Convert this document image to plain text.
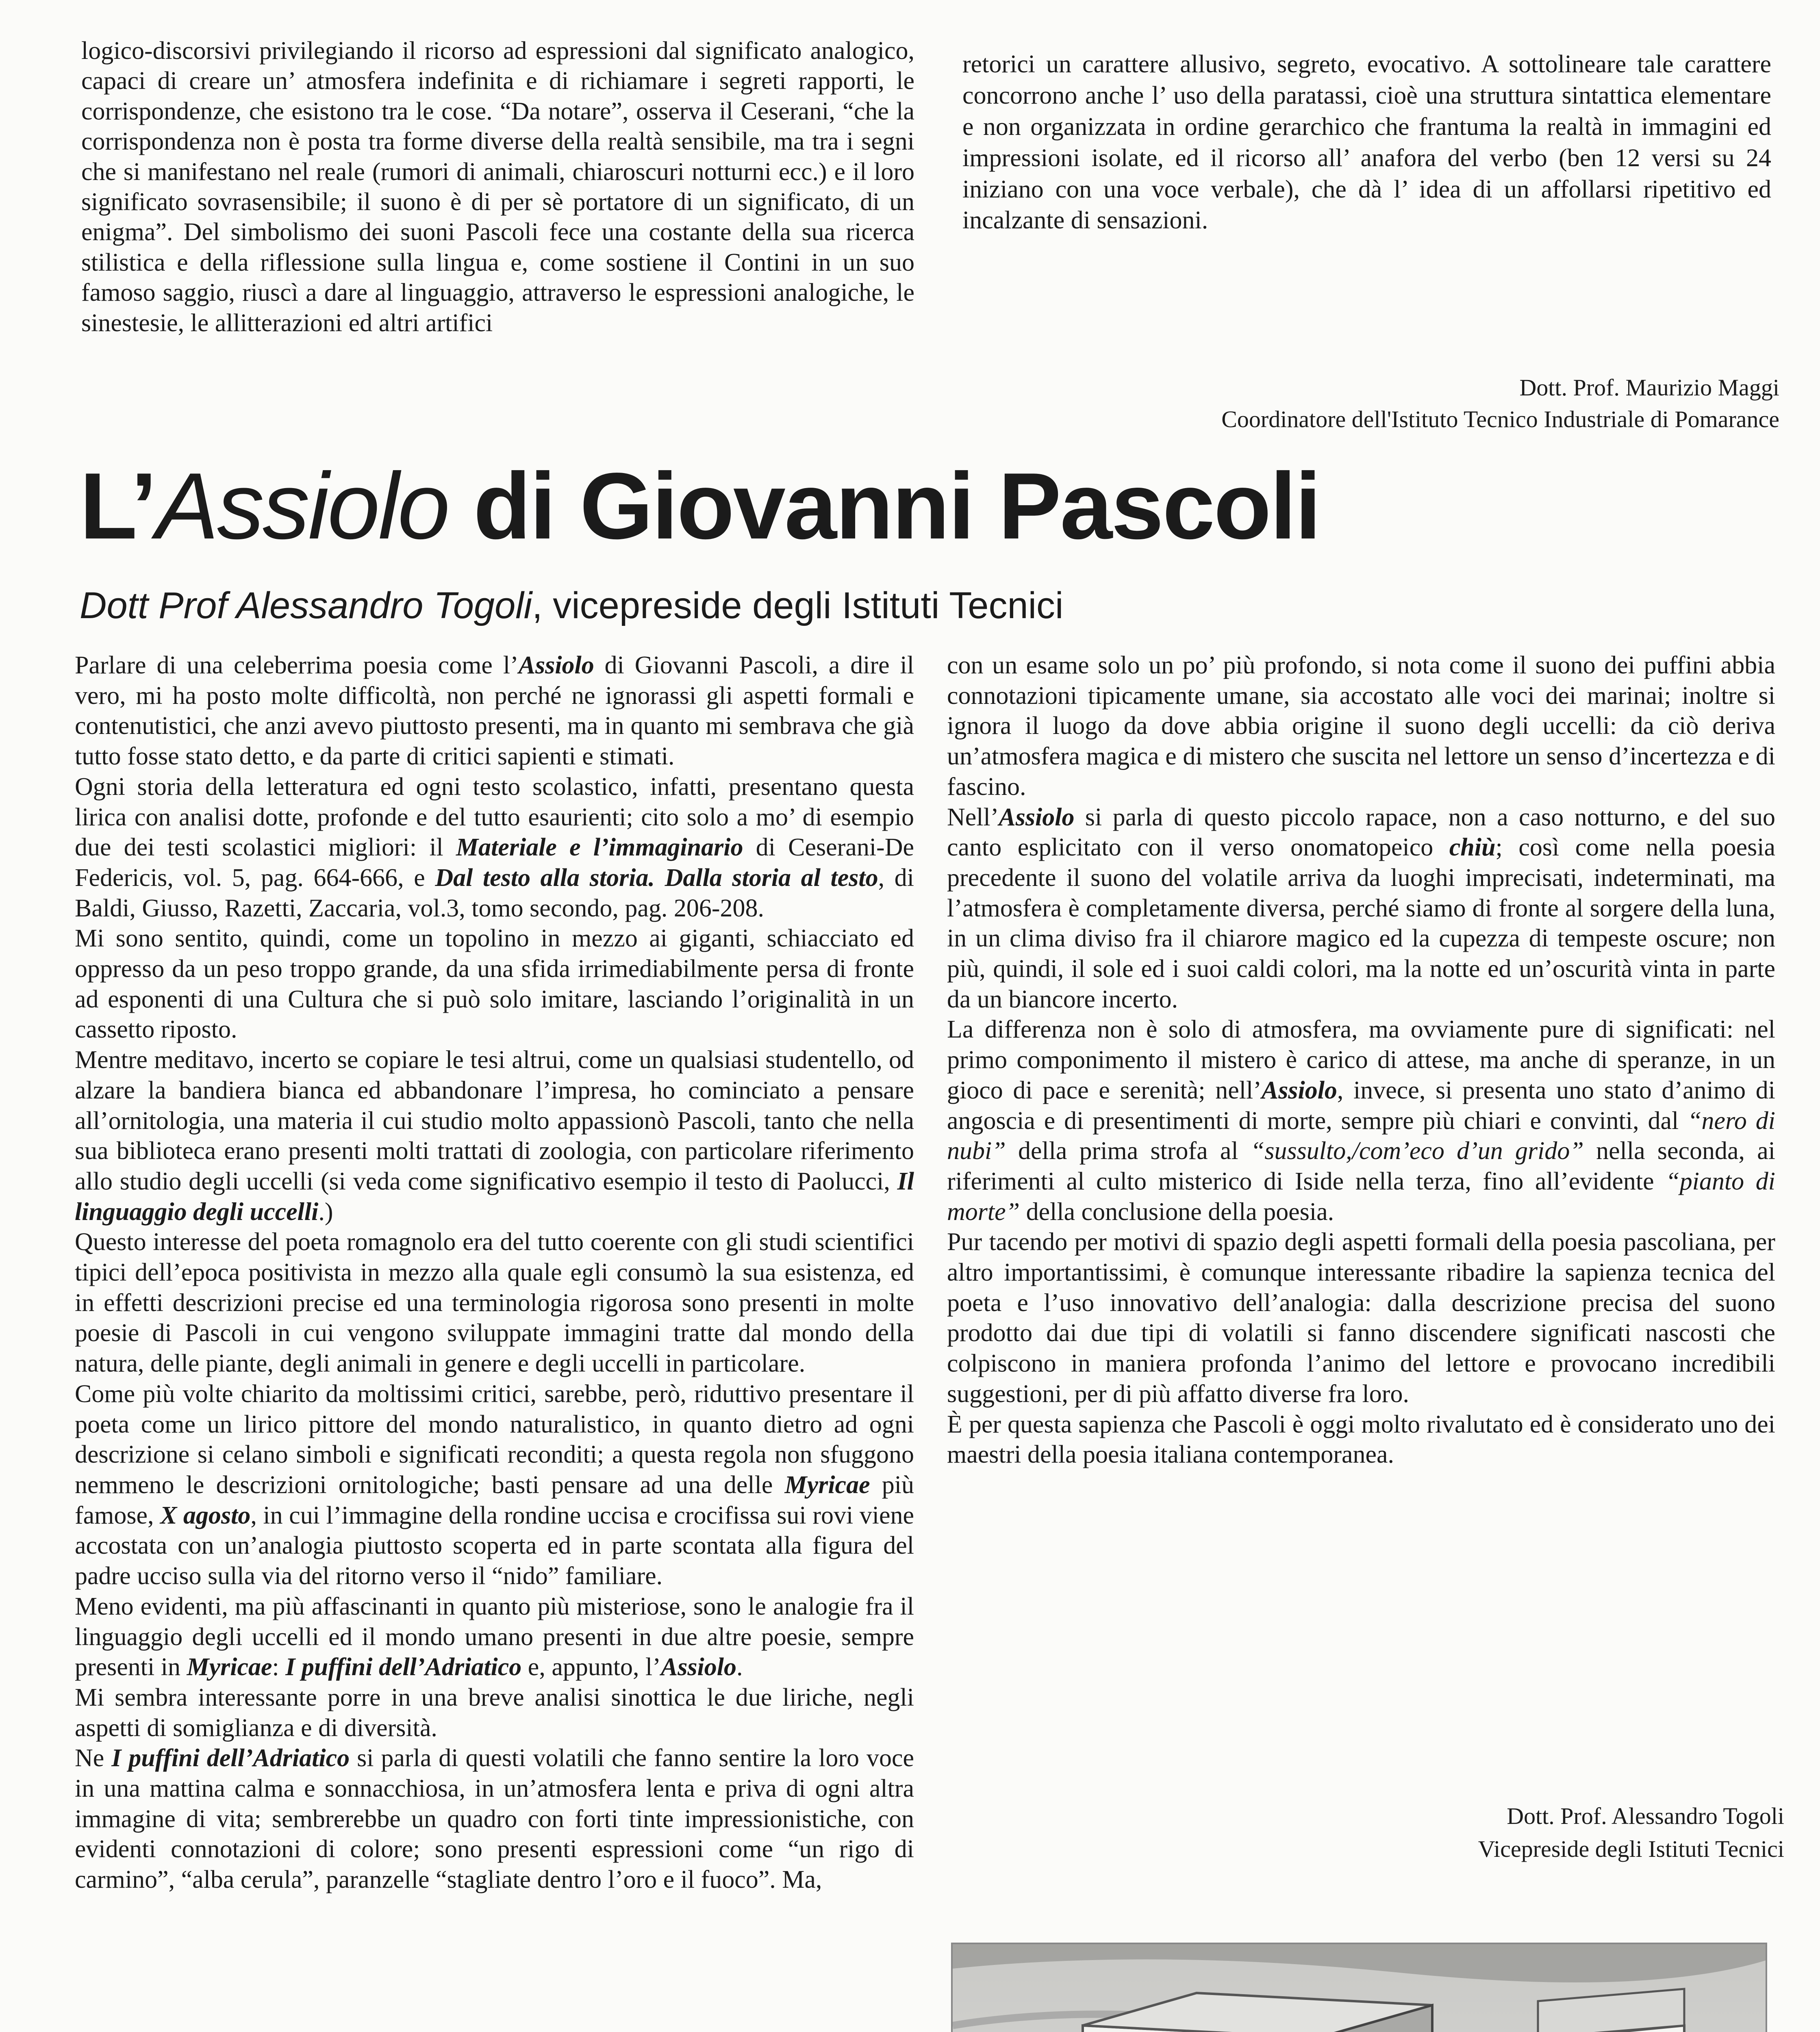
logico-discorsivi privilegiando il ricorso ad espressioni dal significato analogico, capaci di creare un’ atmosfera indefinita e di richiamare i segreti rapporti, le corrispondenze, che esistono tra le cose. “Da notare”, osserva il Ceserani, “che la corrispondenza non è posta tra forme diverse della realtà sensibile, ma tra i segni che si manifestano nel reale (rumori di animali, chiaroscuri notturni ecc.) e il loro significato sovrasensibile; il suono è di per sè portatore di un significato, di un enigma”. Del simbolismo dei suoni Pascoli fece una costante della sua ricerca stilistica e della riflessione sulla lingua e, come sostiene il Contini in un suo famoso saggio, riuscì a dare al linguaggio, attraverso le espressioni analogiche, le sinestesie, le allitterazioni ed altri artifici

retorici un carattere allusivo, segreto, evocativo. A sottolineare tale carattere concorrono anche l’ uso della paratassi, cioè una struttura sintattica elementare e non organizzata in ordine gerarchico che frantuma la realtà in immagini ed impressioni isolate, ed il ricorso all’ anafora del verbo (ben 12 versi su 24 iniziano con una voce verbale), che dà l’ idea di un affollarsi ripetitivo ed incalzante di sensazioni.

Dott. Prof. Maurizio Maggi
Coordinatore dell'Istituto Tecnico Industriale di Pomarance
L’Assiolo di Giovanni Pascoli
Dott Prof Alessandro Togoli, vicepreside degli Istituti Tecnici

Parlare di una celeberrima poesia come l’Assiolo di Giovanni Pascoli, a dire il vero, mi ha posto molte difficoltà, non perché ne ignorassi gli aspetti formali e contenutistici, che anzi avevo piuttosto presenti, ma in quanto mi sembrava che già tutto fosse stato detto, e da parte di critici sapienti e stimati.

Ogni storia della letteratura ed ogni testo scolastico, infatti, presentano questa lirica con analisi dotte, profonde e del tutto esaurienti; cito solo a mo’ di esempio due dei testi scolastici migliori: il Materiale e l’immaginario di Ceserani-De Federicis, vol. 5, pag. 664-666, e Dal testo alla storia. Dalla storia al testo, di Baldi, Giusso, Razetti, Zaccaria, vol.3, tomo secondo, pag. 206-208.

Mi sono sentito, quindi, come un topolino in mezzo ai giganti, schiacciato ed oppresso da un peso troppo grande, da una sfida irrimediabilmente persa di fronte ad esponenti di una Cultura che si può solo imitare, lasciando l’originalità in un cassetto riposto.

Mentre meditavo, incerto se copiare le tesi altrui, come un qualsiasi studentello, od alzare la bandiera bianca ed abbandonare l’impresa, ho cominciato a pensare all’ornitologia, una materia il cui studio molto appassionò Pascoli, tanto che nella sua biblioteca erano presenti molti trattati di zoologia, con particolare riferimento allo studio degli uccelli (si veda come significativo esempio il testo di Paolucci, Il linguaggio degli uccelli.)

Questo interesse del poeta romagnolo era del tutto coerente con gli studi scientifici tipici dell’epoca positivista in mezzo alla quale egli consumò la sua esistenza, ed in effetti descrizioni precise ed una terminologia rigorosa sono presenti in molte poesie di Pascoli in cui vengono sviluppate immagini tratte dal mondo della natura, delle piante, degli animali in genere e degli uccelli in particolare.

Come più volte chiarito da moltissimi critici, sarebbe, però, riduttivo presentare il poeta come un lirico pittore del mondo naturalistico, in quanto dietro ad ogni descrizione si celano simboli e significati reconditi; a questa regola non sfuggono nemmeno le descrizioni ornitologiche; basti pensare ad una delle Myricae più famose, X agosto, in cui l’immagine della rondine uccisa e crocifissa sui rovi viene accostata con un’analogia piuttosto scoperta ed in parte scontata alla figura del padre ucciso sulla via del ritorno verso il “nido” familiare.

Meno evidenti, ma più affascinanti in quanto più misteriose, sono le analogie fra il linguaggio degli uccelli ed il mondo umano presenti in due altre poesie, sempre presenti in Myricae: I puffini dell’Adriatico e, appunto, l’Assiolo.

Mi sembra interessante porre in una breve analisi sinottica le due liriche, negli aspetti di somiglianza e di diversità.

Ne I puffini dell’Adriatico si parla di questi volatili che fanno sentire la loro voce in una mattina calma e sonnacchiosa, in un’atmosfera lenta e priva di ogni altra immagine di vita; sembrerebbe un quadro con forti tinte impressionistiche, con evidenti connotazioni di colore; sono presenti espressioni come “un rigo di carmino”, “alba cerula”, paranzelle “stagliate dentro l’oro e il fuoco”. Ma,

con un esame solo un po’ più profondo, si nota come il suono dei puffini abbia connotazioni tipicamente umane, sia accostato alle voci dei marinai; inoltre si ignora il luogo da dove abbia origine il suono degli uccelli: da ciò deriva un’atmosfera magica e di mistero che suscita nel lettore un senso d’incertezza e di fascino.

Nell’Assiolo si parla di questo piccolo rapace, non a caso notturno, e del suo canto esplicitato con il verso onomatopeico chiù; così come nella poesia precedente il suono del volatile arriva da luoghi imprecisati, indeterminati, ma l’atmosfera è completamente diversa, perché siamo di fronte al sorgere della luna, in un clima diviso fra il chiarore magico ed la cupezza di tempeste oscure; non più, quindi, il sole ed i suoi caldi colori, ma la notte ed un’oscurità vinta in parte da un biancore incerto.

La differenza non è solo di atmosfera, ma ovviamente pure di significati: nel primo componimento il mistero è carico di attese, ma anche di speranze, in un gioco di pace e serenità; nell’Assiolo, invece, si presenta uno stato d’animo di angoscia e di presentimenti di morte, sempre più chiari e convinti, dal “nero di nubi” della prima strofa al “sussulto,/com’eco d’un grido” nella seconda, ai riferimenti al culto misterico di Iside nella terza, fino all’evidente “pianto di morte” della conclusione della poesia.

Pur tacendo per motivi di spazio degli aspetti formali della poesia pascoliana, per altro importantissimi, è comunque interessante ribadire la sapienza tecnica del poeta e l’uso innovativo dell’analogia: dalla descrizione precisa del suono prodotto dai due tipi di volatili si fanno discendere significati nascosti che colpiscono in maniera profonda l’animo del lettore e provocano incredibili suggestioni, per di più affatto diverse fra loro.

È per questa sapienza che Pascoli è oggi molto rivalutato ed è considerato uno dei maestri della poesia italiana contemporanea.

Dott. Prof. Alessandro Togoli
Vicepreside degli Istituti Tecnici
